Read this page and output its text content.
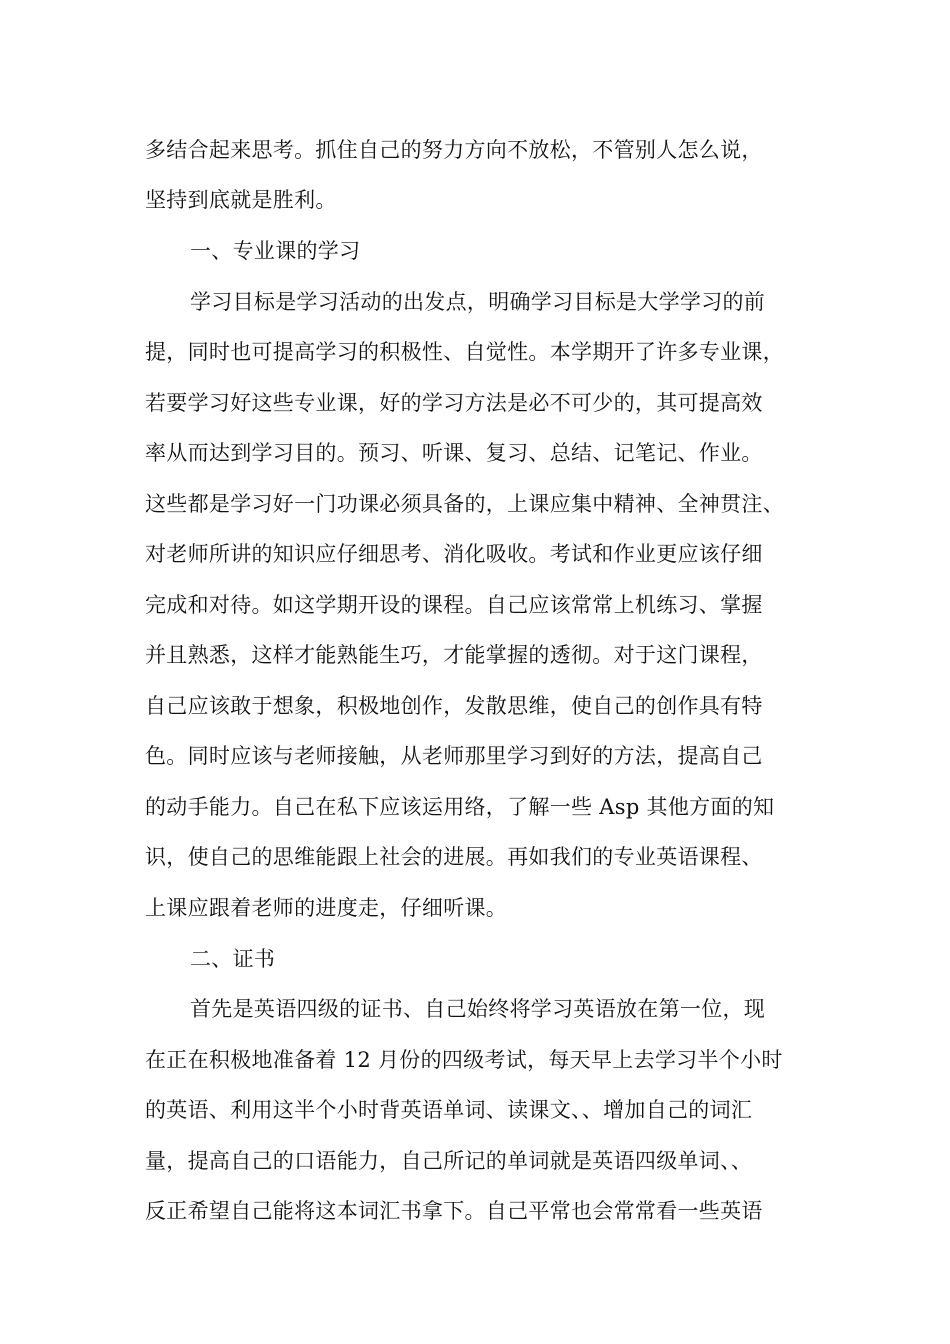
多结合起来思考。抓住自己的努力方向不放松，不管别人怎么说，
坚持到底就是胜利。
一、专业课的学习
学习目标是学习活动的出发点，明确学习目标是大学学习的前
提，同时也可提高学习的积极性、自觉性。本学期开了许多专业课，
若要学习好这些专业课，好的学习方法是必不可少的，其可提高效
率从而达到学习目的。预习、听课、复习、总结、记笔记、作业。
这些都是学习好一门功课必须具备的，上课应集中精神、全神贯注、
对老师所讲的知识应仔细思考、消化吸收。考试和作业更应该仔细
完成和对待。如这学期开设的课程。自己应该常常上机练习、掌握
并且熟悉，这样才能熟能生巧，才能掌握的透彻。对于这门课程，
自己应该敢于想象，积极地创作，发散思维，使自己的创作具有特
色。同时应该与老师接触，从老师那里学习到好的方法，提高自己
的动手能力。自己在私下应该运用络，了解一些 Asp 其他方面的知
识，使自己的思维能跟上社会的进展。再如我们的专业英语课程、
上课应跟着老师的进度走，仔细听课。
二、证书
首先是英语四级的证书、自己始终将学习英语放在第一位，现
在正在积极地准备着 12 月份的四级考试，每天早上去学习半个小时
的英语、利用这半个小时背英语单词、读课文、、增加自己的词汇
量，提高自己的口语能力，自己所记的单词就是英语四级单词、、
反正希望自己能将这本词汇书拿下。自己平常也会常常看一些英语
